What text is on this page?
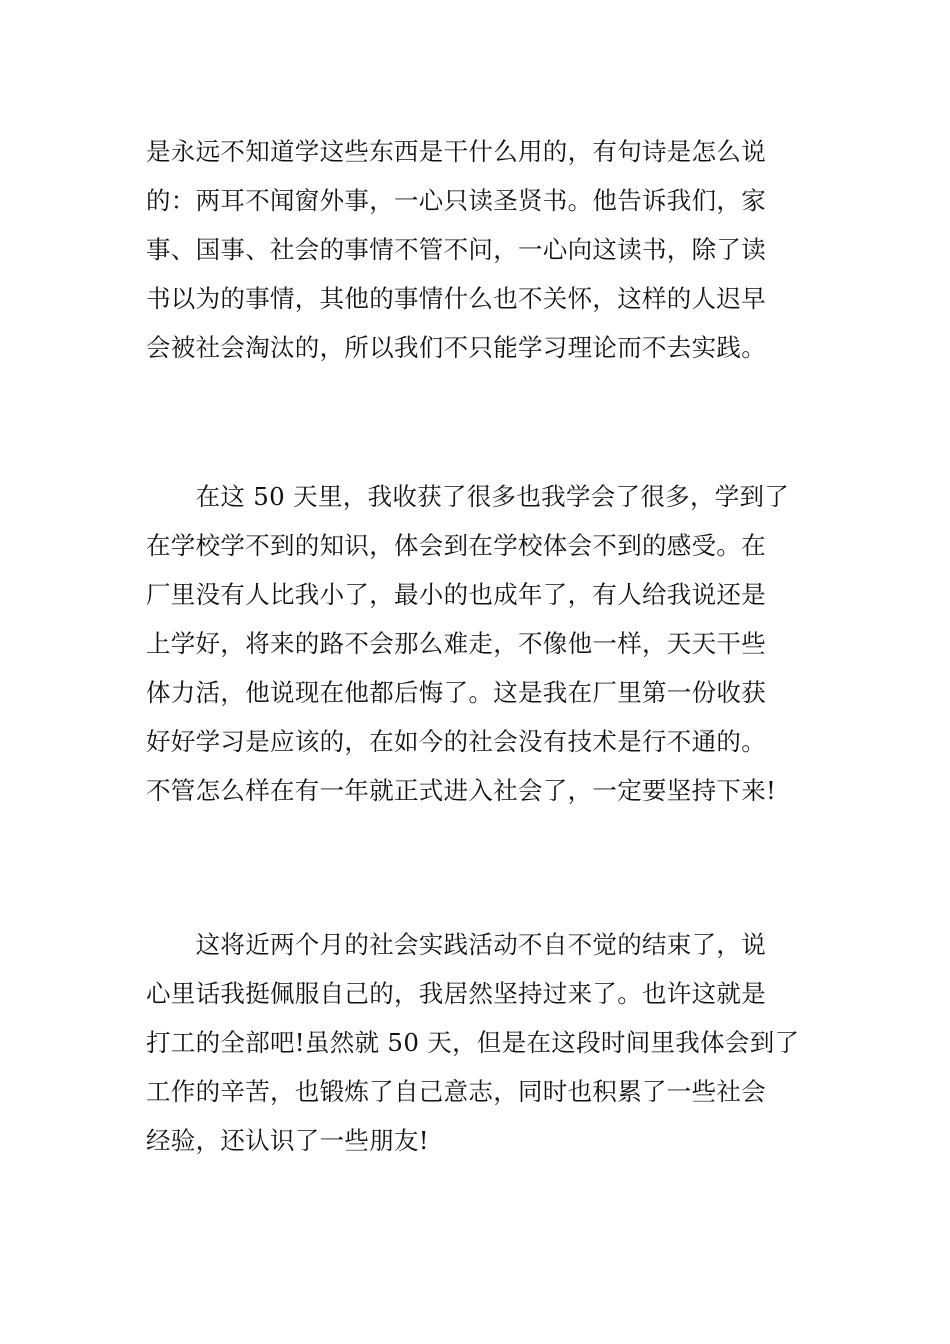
是永远不知道学这些东西是干什么用的，有句诗是怎么说
的：两耳不闻窗外事，一心只读圣贤书。他告诉我们，家
事、国事、社会的事情不管不问，一心向这读书，除了读
书以为的事情，其他的事情什么也不关怀，这样的人迟早
会被社会淘汰的，所以我们不只能学习理论而不去实践。

　　在这 50 天里，我收获了很多也我学会了很多，学到了
在学校学不到的知识，体会到在学校体会不到的感受。在
厂里没有人比我小了，最小的也成年了，有人给我说还是
上学好，将来的路不会那么难走，不像他一样，天天干些
体力活，他说现在他都后悔了。这是我在厂里第一份收获
好好学习是应该的，在如今的社会没有技术是行不通的。
不管怎么样在有一年就正式进入社会了，一定要坚持下来!

　　这将近两个月的社会实践活动不自不觉的结束了，说
心里话我挺佩服自己的，我居然坚持过来了。也许这就是
打工的全部吧!虽然就 50 天，但是在这段时间里我体会到了
工作的辛苦，也锻炼了自己意志，同时也积累了一些社会
经验，还认识了一些朋友!
